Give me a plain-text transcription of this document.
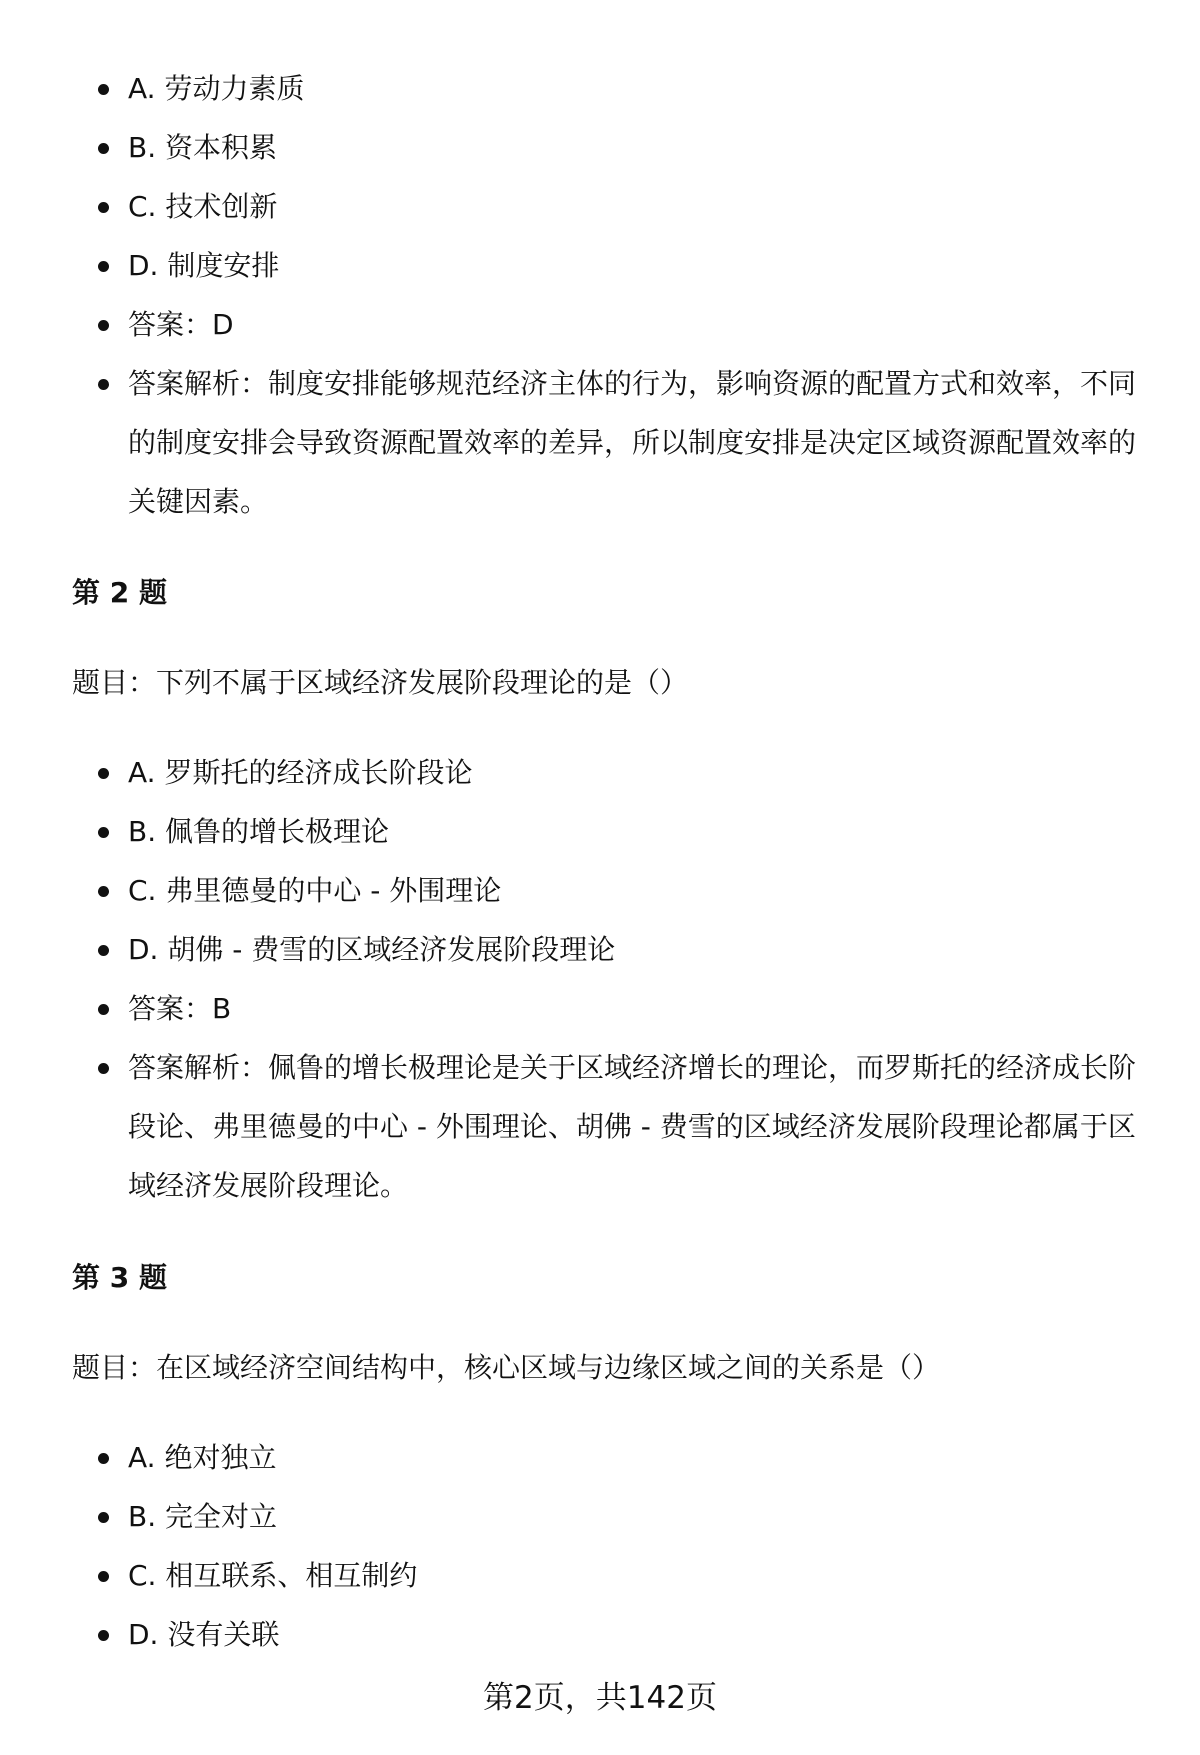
A. 劳动力素质
B. 资本积累
C. 技术创新
D. 制度安排
答案：D
答案解析：制度安排能够规范经济主体的行为，影响资源的配置方式和效率，不同的制度安排会导致资源配置效率的差异，所以制度安排是决定区域资源配置效率的关键因素。
第 2 题
题目：下列不属于区域经济发展阶段理论的是（）
A. 罗斯托的经济成长阶段论
B. 佩鲁的增长极理论
C. 弗里德曼的中心 - 外围理论
D. 胡佛 - 费雪的区域经济发展阶段理论
答案：B
答案解析：佩鲁的增长极理论是关于区域经济增长的理论，而罗斯托的经济成长阶段论、弗里德曼的中心 - 外围理论、胡佛 - 费雪的区域经济发展阶段理论都属于区域经济发展阶段理论。
第 3 题
题目：在区域经济空间结构中，核心区域与边缘区域之间的关系是（）
A. 绝对独立
B. 完全对立
C. 相互联系、相互制约
D. 没有关联
第2页，共142页
